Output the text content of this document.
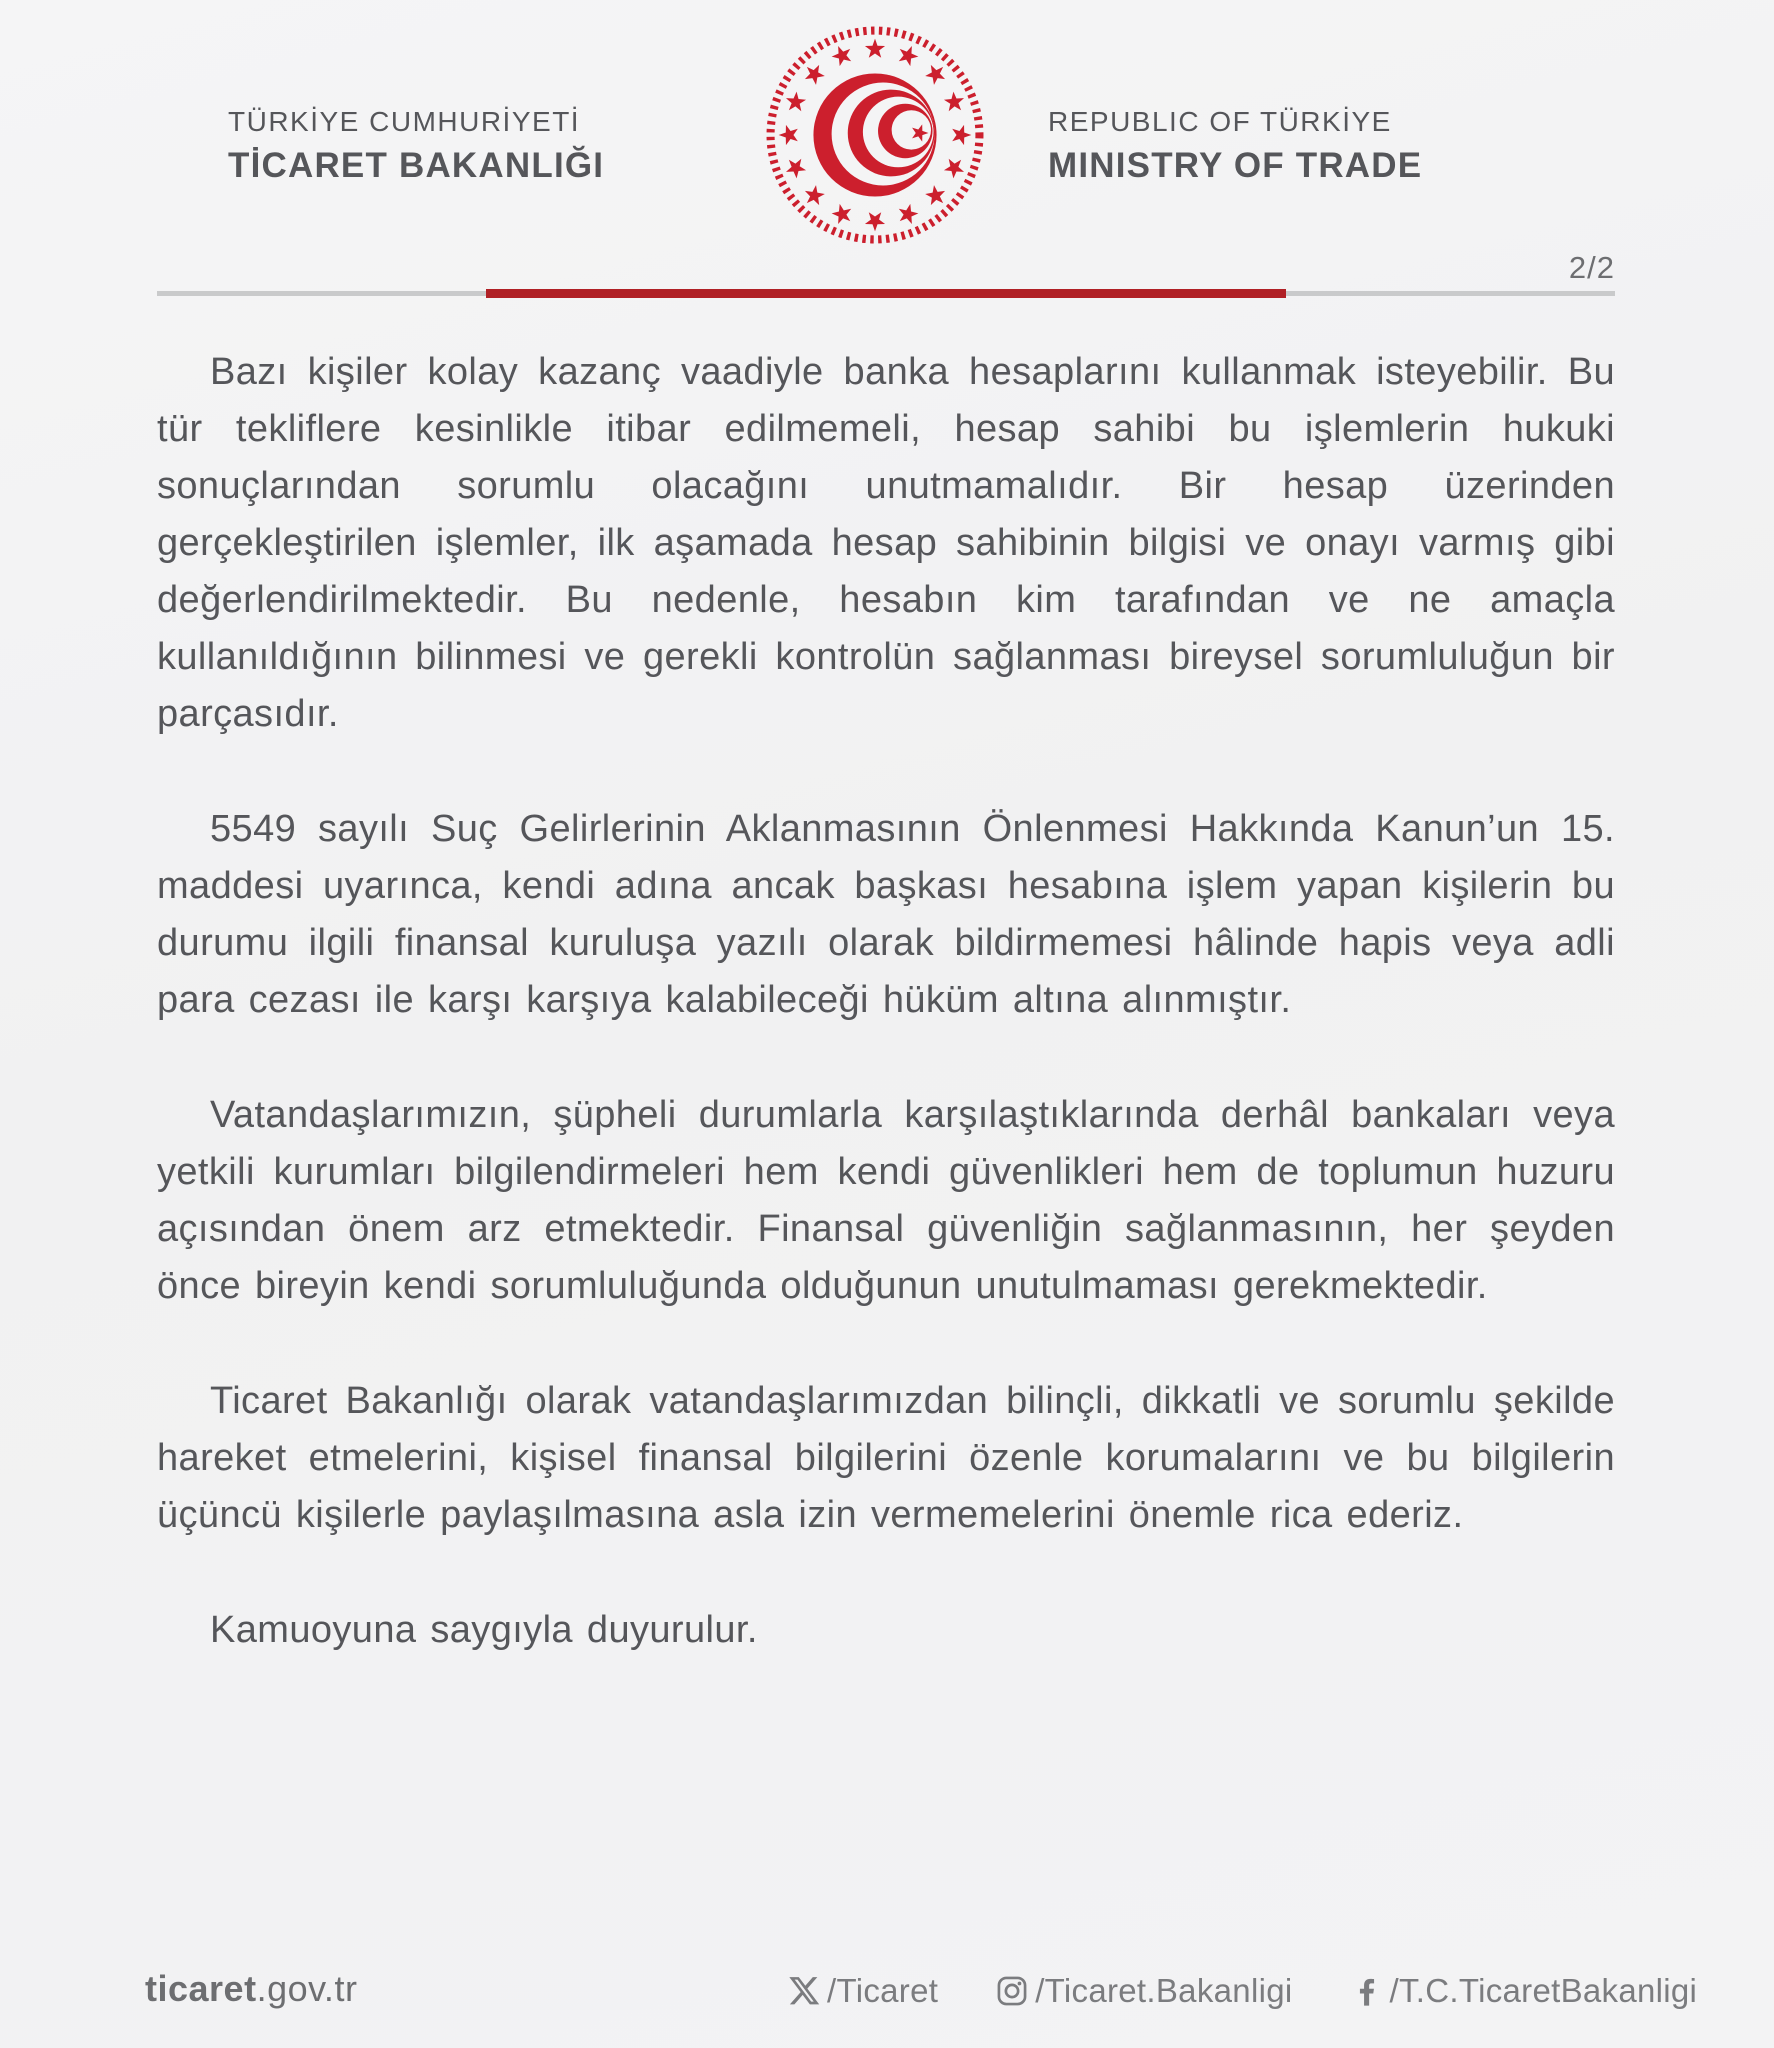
TÜRKİYE CUMHURİYETİ
TİCARET BAKANLIĞI
REPUBLIC OF TÜRKİYE
MINISTRY OF TRADE
2/2

Bazı kişiler kolay kazanç vaadiyle banka hesaplarını kullanmak isteyebilir. Bu tür tekliflere kesinlikle itibar edilmemeli, hesap sahibi bu işlemlerin hukuki sonuçlarından sorumlu olacağını unutmamalıdır. Bir hesap üzerinden gerçekleştirilen işlemler, ilk aşamada hesap sahibinin bilgisi ve onayı varmış gibi değerlendirilmektedir. Bu nedenle, hesabın kim tarafından ve ne amaçla kullanıldığının bilinmesi ve gerekli kontrolün sağlanması bireysel sorumluluğun bir parçasıdır.

5549 sayılı Suç Gelirlerinin Aklanmasının Önlenmesi Hakkında Kanun’un 15. maddesi uyarınca, kendi adına ancak başkası hesabına işlem yapan kişilerin bu durumu ilgili finansal kuruluşa yazılı olarak bildirmemesi hâlinde hapis veya adli para cezası ile karşı karşıya kalabileceği hüküm altına alınmıştır.

Vatandaşlarımızın, şüpheli durumlarla karşılaştıklarında derhâl bankaları veya yetkili kurumları bilgilendirmeleri hem kendi güvenlikleri hem de toplumun huzuru açısından önem arz etmektedir. Finansal güvenliğin sağlanmasının, her şeyden önce bireyin kendi sorumluluğunda olduğunun unutulmaması gerekmektedir.

Ticaret Bakanlığı olarak vatandaşlarımızdan bilinçli, dikkatli ve sorumlu şekilde hareket etmelerini, kişisel finansal bilgilerini özenle korumalarını ve bu bilgilerin üçüncü kişilerle paylaşılmasına asla izin vermemelerini önemle rica ederiz.

Kamuoyuna saygıyla duyurulur.

ticaret.gov.tr	/Ticaret	/Ticaret.Bakanligi	/T.C.TicaretBakanligi
